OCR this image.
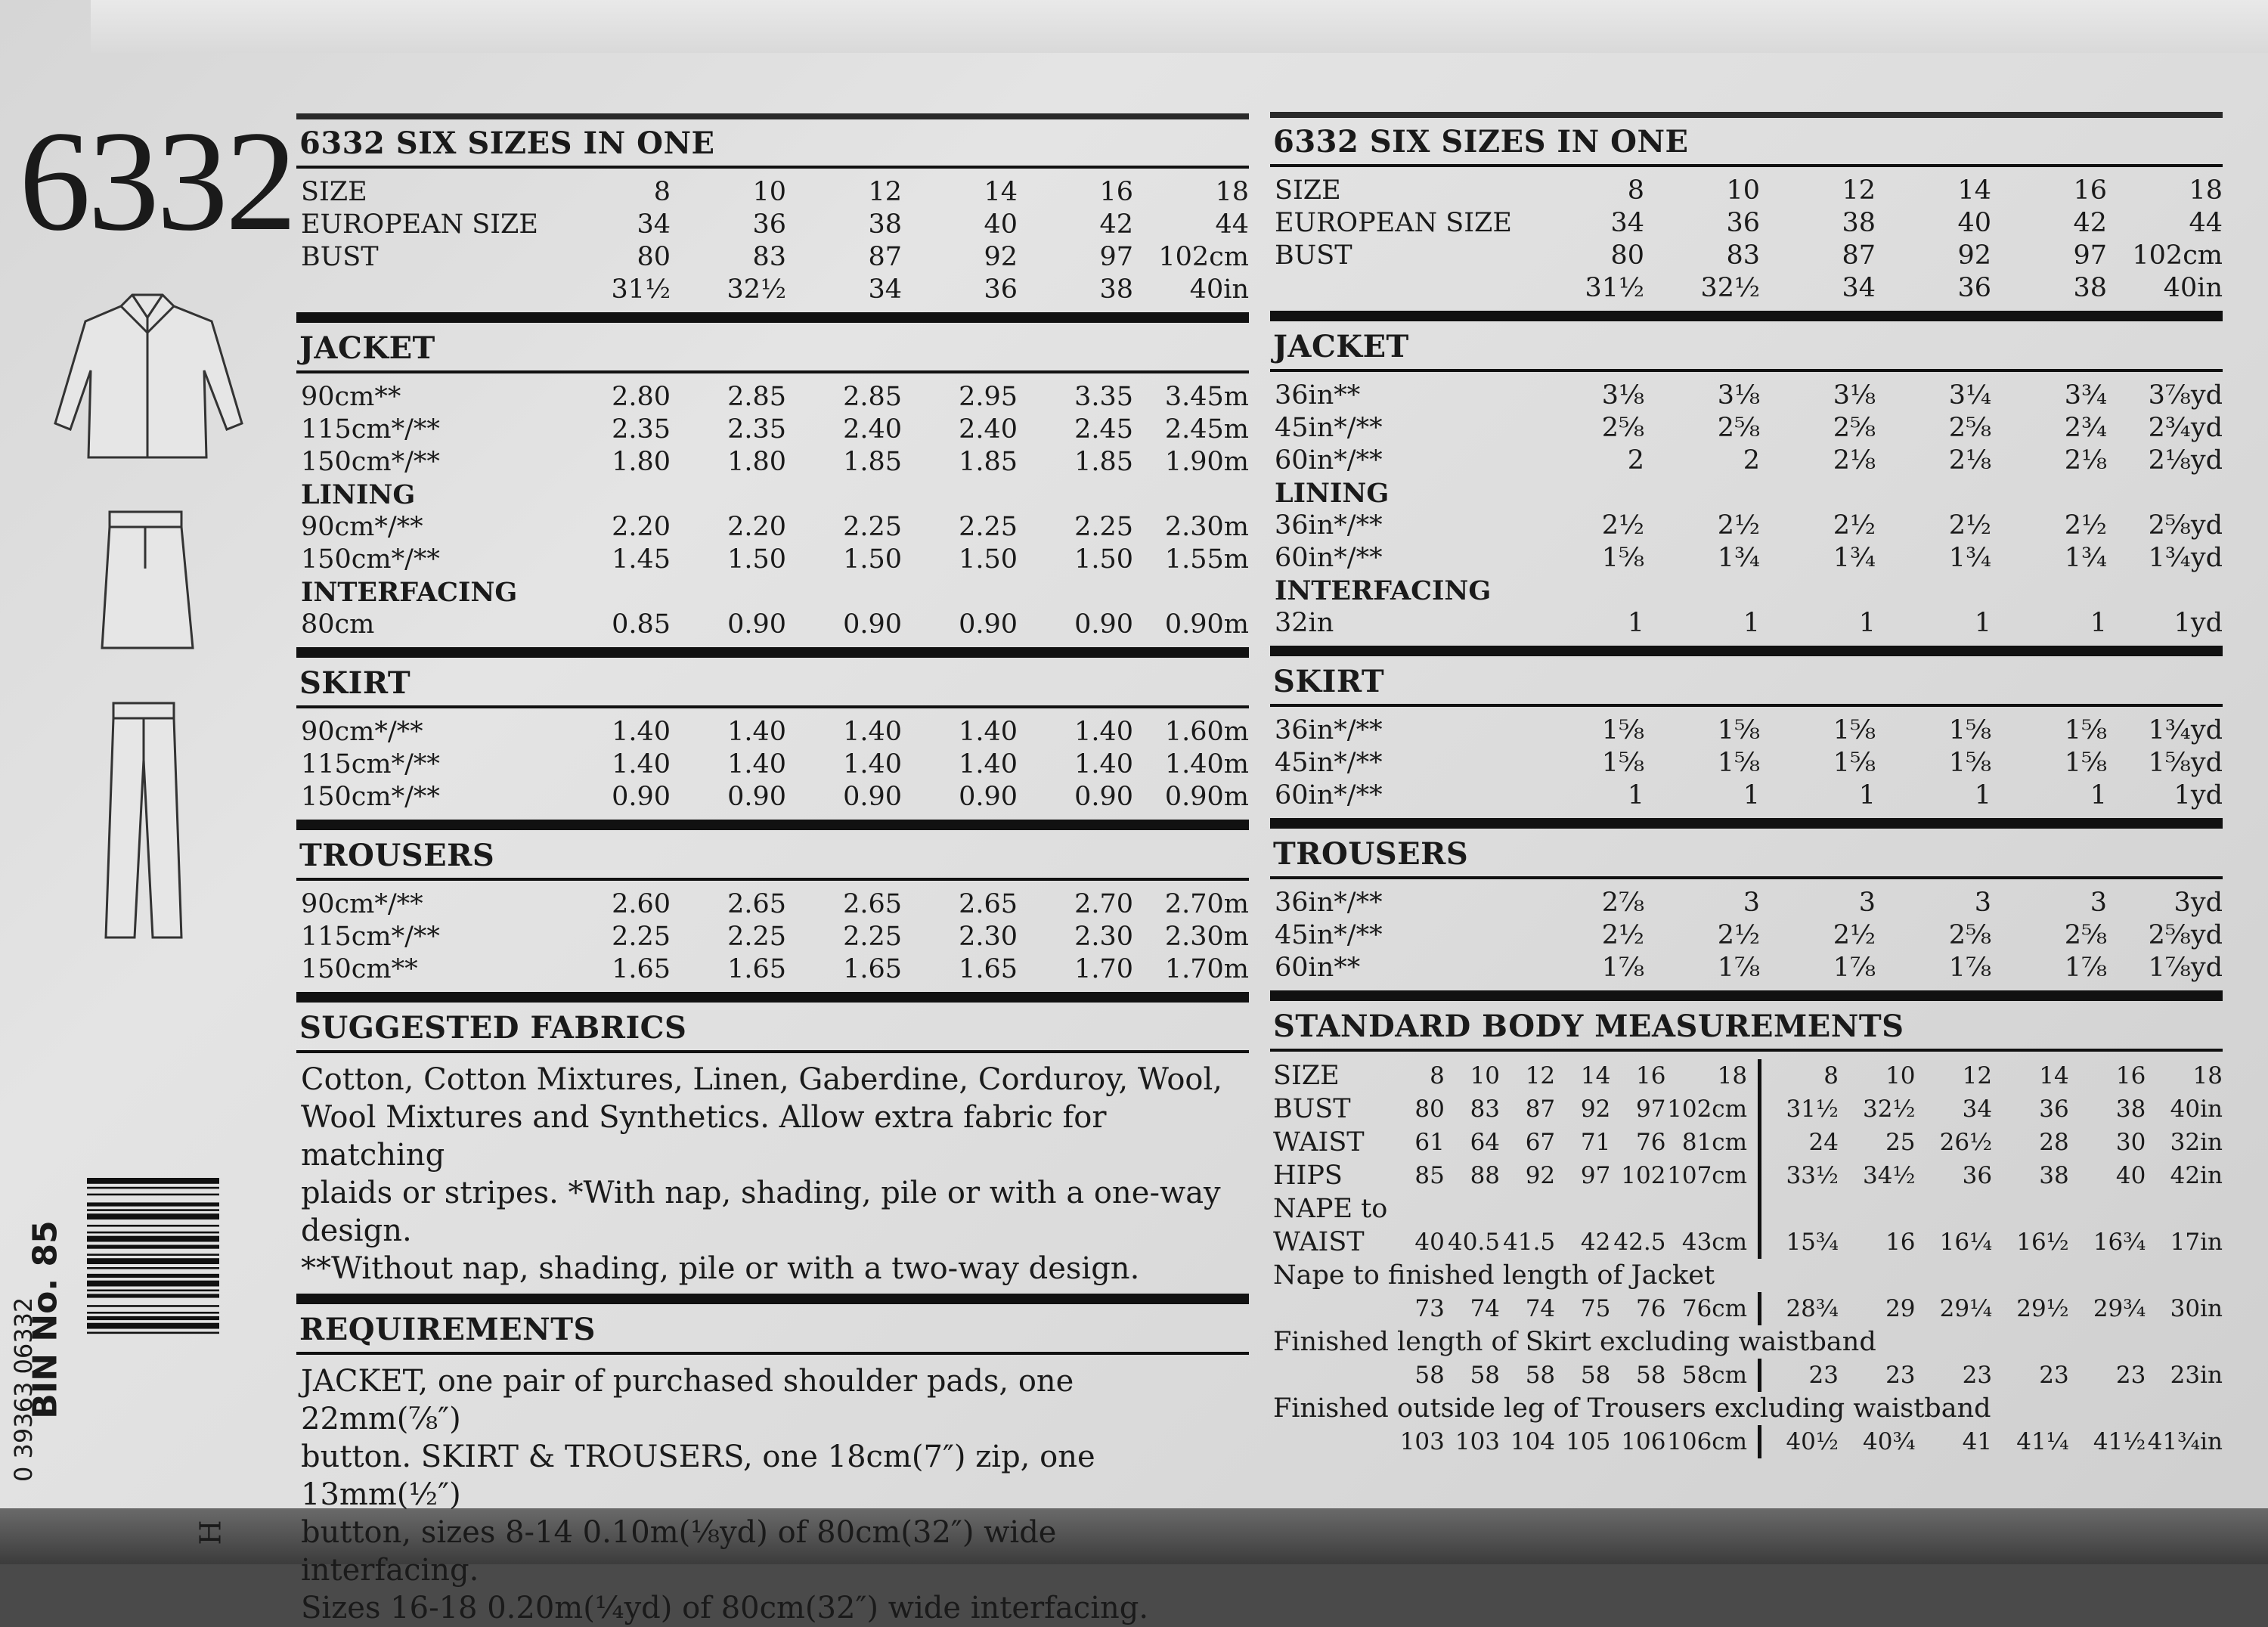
6332
BIN No. 85
0 39363 06332
H
6332 SIX SIZES IN ONE
SIZE	8	10	12	14	16	18
EUROPEAN SIZE	34	36	38	40	42	44
BUST	80	83	87	92	97	102cm
	31½	32½	34	36	38	40in
JACKET
90cm**	2.80	2.85	2.85	2.95	3.35	3.45m
115cm*/**	2.35	2.35	2.40	2.40	2.45	2.45m
150cm*/**	1.80	1.80	1.85	1.85	1.85	1.90m
LINING						
90cm*/**	2.20	2.20	2.25	2.25	2.25	2.30m
150cm*/**	1.45	1.50	1.50	1.50	1.50	1.55m
INTERFACING						
80cm	0.85	0.90	0.90	0.90	0.90	0.90m
SKIRT
90cm*/**	1.40	1.40	1.40	1.40	1.40	1.60m
115cm*/**	1.40	1.40	1.40	1.40	1.40	1.40m
150cm*/**	0.90	0.90	0.90	0.90	0.90	0.90m
TROUSERS
90cm*/**	2.60	2.65	2.65	2.65	2.70	2.70m
115cm*/**	2.25	2.25	2.25	2.30	2.30	2.30m
150cm**	1.65	1.65	1.65	1.65	1.70	1.70m
SUGGESTED FABRICS
Cotton, Cotton Mixtures, Linen, Gaberdine, Corduroy, Wool,
Wool Mixtures and Synthetics. Allow extra fabric for matching
plaids or stripes. *With nap, shading, pile or with a one-way design.
**Without nap, shading, pile or with a two-way design.
REQUIREMENTS
JACKET, one pair of purchased shoulder pads, one 22mm(⅞″)
button. SKIRT & TROUSERS, one 18cm(7″) zip, one 13mm(½″)
button, sizes 8-14 0.10m(⅛yd) of 80cm(32″) wide interfacing.
Sizes 16-18 0.20m(¼yd) of 80cm(32″) wide interfacing.
6332 SIX SIZES IN ONE
SIZE	8	10	12	14	16	18
EUROPEAN SIZE	34	36	38	40	42	44
BUST	80	83	87	92	97	102cm
	31½	32½	34	36	38	40in
JACKET
36in**	3⅛	3⅛	3⅛	3¼	3¾	3⅞yd
45in*/**	2⅝	2⅝	2⅝	2⅝	2¾	2¾yd
60in*/**	2	2	2⅛	2⅛	2⅛	2⅛yd
LINING						
36in*/**	2½	2½	2½	2½	2½	2⅝yd
60in*/**	1⅝	1¾	1¾	1¾	1¾	1¾yd
INTERFACING						
32in	1	1	1	1	1	1yd
SKIRT
36in*/**	1⅝	1⅝	1⅝	1⅝	1⅝	1¾yd
45in*/**	1⅝	1⅝	1⅝	1⅝	1⅝	1⅝yd
60in*/**	1	1	1	1	1	1yd
TROUSERS
36in*/**	2⅞	3	3	3	3	3yd
45in*/**	2½	2½	2½	2⅝	2⅝	2⅝yd
60in**	1⅞	1⅞	1⅞	1⅞	1⅞	1⅞yd
STANDARD BODY MEASUREMENTS
SIZE	8	10	12	14	16	18		8	10	12	14	16	18
BUST	80	83	87	92	97	102cm		31½	32½	34	36	38	40in
WAIST	61	64	67	71	76	81cm		24	25	26½	28	30	32in
HIPS	85	88	92	97	102	107cm		33½	34½	36	38	40	42in
NAPE to													
WAIST	40	40.5	41.5	42	42.5	43cm		15¾	16	16¼	16½	16¾	17in
Nape to finished length of Jacket													
	73	74	74	75	76	76cm		28¾	29	29¼	29½	29¾	30in
Finished length of Skirt excluding waistband													
	58	58	58	58	58	58cm		23	23	23	23	23	23in
Finished outside leg of Trousers excluding waistband													
	103	103	104	105	106	106cm		40½	40¾	41	41¼	41½	41¾in
